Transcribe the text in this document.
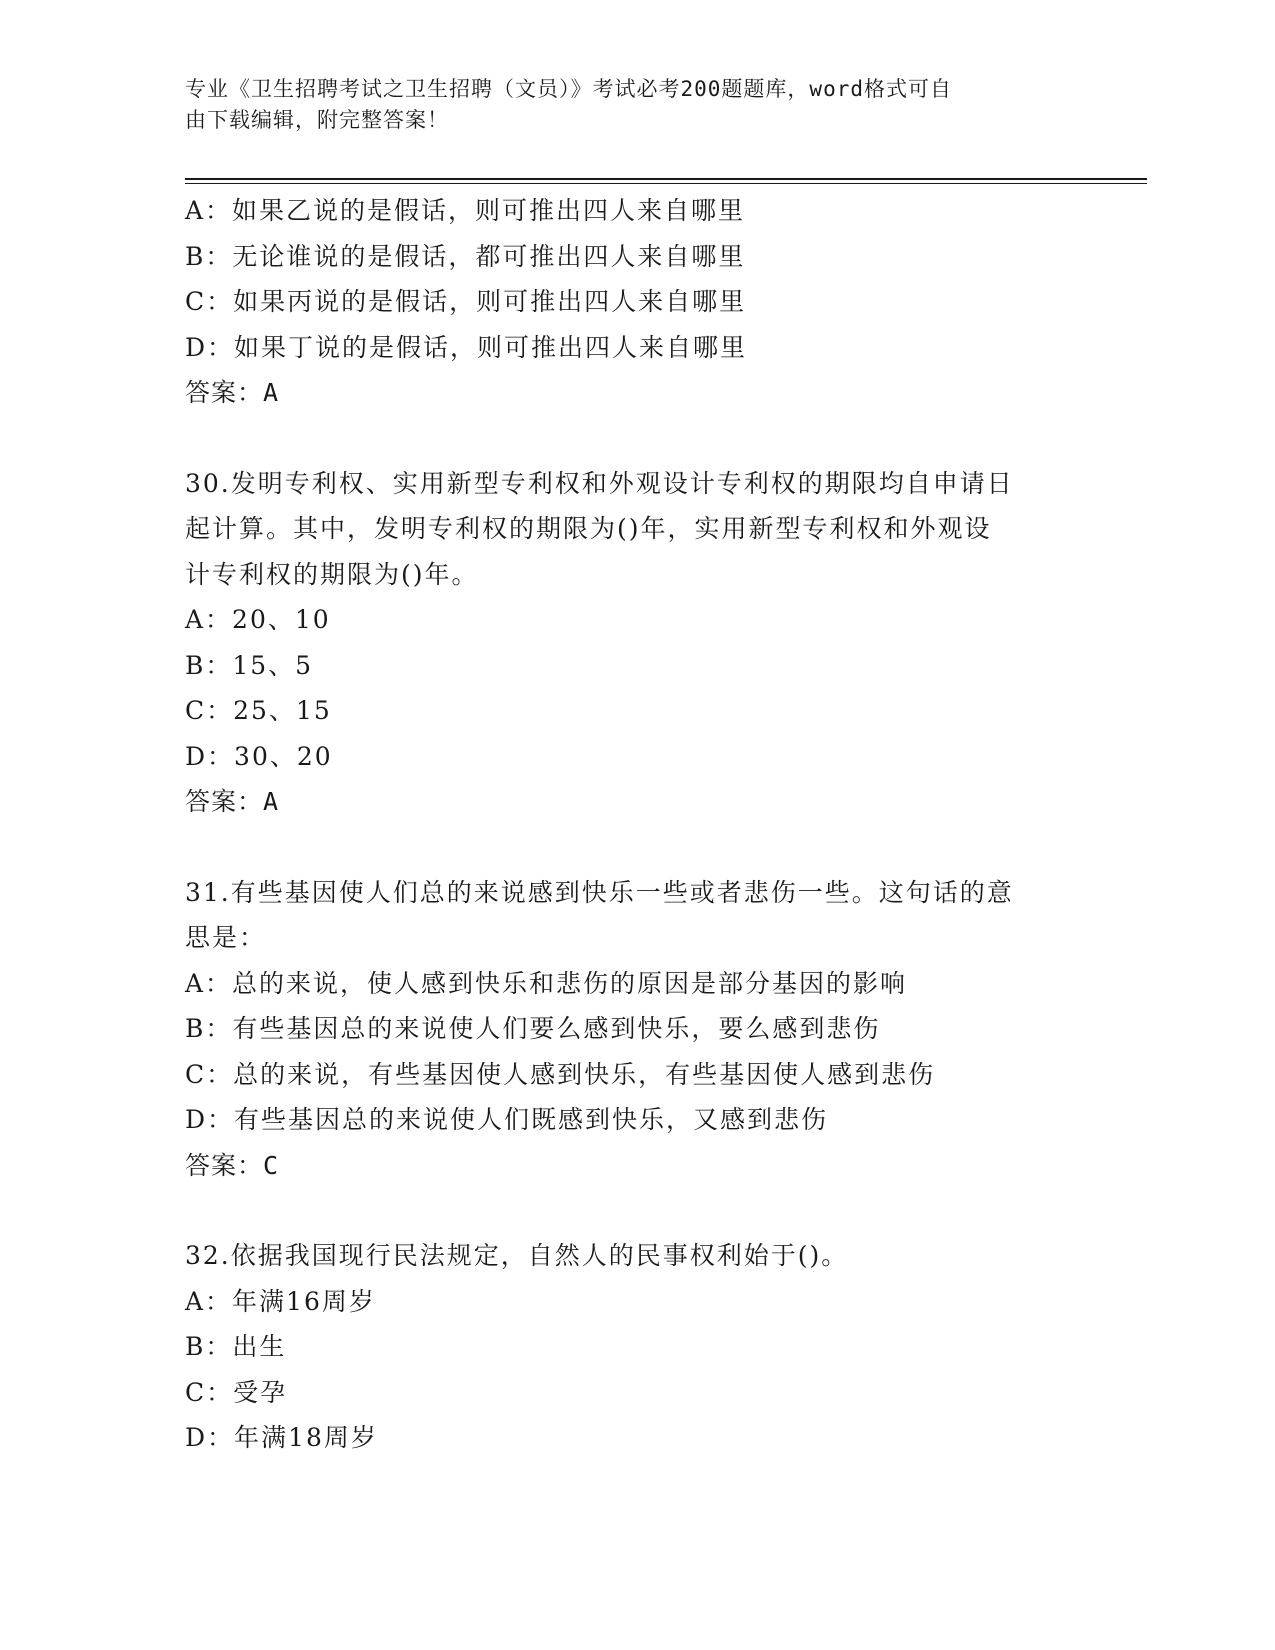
专业《卫生招聘考试之卫生招聘（文员）》考试必考200题题库，word格式可自
由下载编辑，附完整答案！
A：如果乙说的是假话，则可推出四人来自哪里
B：无论谁说的是假话，都可推出四人来自哪里
C：如果丙说的是假话，则可推出四人来自哪里
D：如果丁说的是假话，则可推出四人来自哪里
答案：A
30.发明专利权、实用新型专利权和外观设计专利权的期限均自申请日
起计算。其中，发明专利权的期限为()年，实用新型专利权和外观设
计专利权的期限为()年。
A：20、10
B：15、5
C：25、15
D：30、20
答案：A
31.有些基因使人们总的来说感到快乐一些或者悲伤一些。这句话的意
思是：
A：总的来说，使人感到快乐和悲伤的原因是部分基因的影响
B：有些基因总的来说使人们要么感到快乐，要么感到悲伤
C：总的来说，有些基因使人感到快乐，有些基因使人感到悲伤
D：有些基因总的来说使人们既感到快乐，又感到悲伤
答案：C
32.依据我国现行民法规定，自然人的民事权利始于()。
A：年满16周岁
B：出生
C：受孕
D：年满18周岁
